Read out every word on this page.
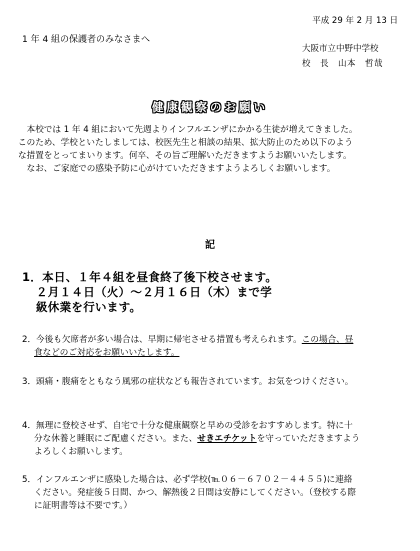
平成 29 年 2 月 13 日
1 年 4 組の保護者のみなさまへ
大阪市立中野中学校
校　長　山本　哲哉
健康観察のお願い

　本校では 1 年 4 組において先週よりインフルエンザにかかる生徒が増えてきました。

このため、学校といたしましては、校医先生と相談の結果、拡大防止のため以下のよう

な措置をとってまいります。何卒、その旨ご理解いただきますようお願いいたします。

　なお、ご家庭での感染予防に心がけていただきますようよろしくお願いします。

記

1．本日、１年４組を昼食終了後下校させます。

２月１４日（火）～２月１６日（木）まで学

級休業を行います。

2．今後も欠席者が多い場合は、早期に帰宅させる措置も考えられます。この場合、昼

食などのご対応をお願いいたします。

3．頭痛・腹痛をともなう風邪の症状なども報告されています。お気をつけください。

4．無理に登校させず、自宅で十分な健康観察と早めの受診をおすすめします。特に十

分な休養と睡眠にご配慮ください。また、せきエチケットを守っていただきますよう

よろしくお願いします。

5．インフルエンザに感染した場合は、必ず学校(℡０６－６７０２－４４５５)に連絡

ください。発症後５日間、かつ、解熱後２日間は安静にしてください。（登校する際

に証明書等は不要です。）
